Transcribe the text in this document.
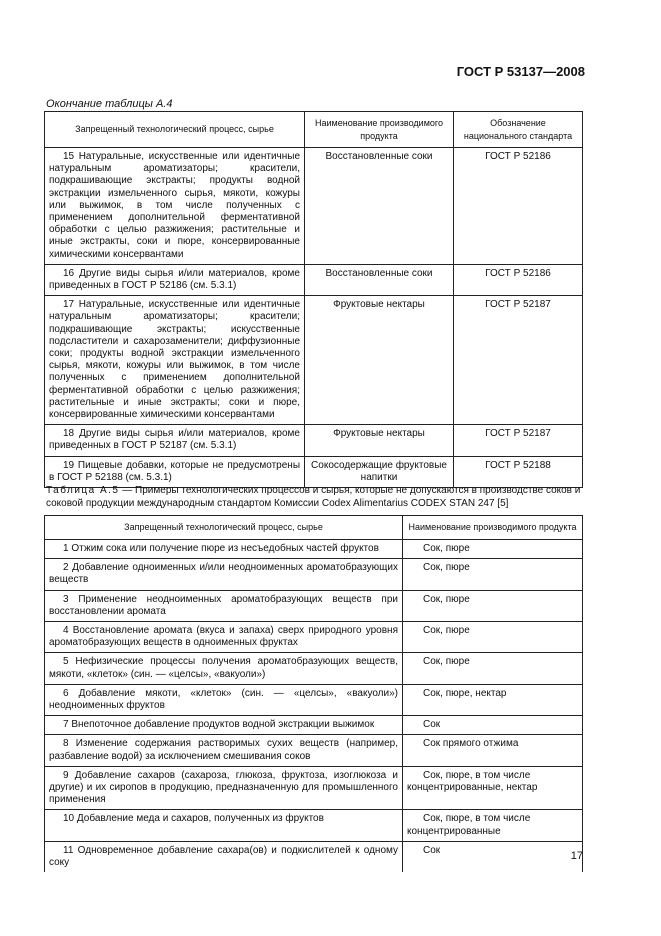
ГОСТ Р 53137—2008
Окончание таблицы А.4
Запрещенный технологический процесс, сырье	Наименование производимого продукта	Обозначение национального стандарта
15 Натуральные, искусственные или идентичные натуральным ароматизаторы; красители, подкрашивающие экстракты; продукты водной экстракции измельченного сырья, мякоти, кожуры или выжимок, в том числе полученных с применением дополнительной ферментативной обработки с целью разжижения; растительные и иные экстракты, соки и пюре, консервированные химическими консервантами	Восстановленные соки	ГОСТ Р 52186
16 Другие виды сырья и/или материалов, кроме приведенных в ГОСТ Р 52186 (см. 5.3.1)	Восстановленные соки	ГОСТ Р 52186
17 Натуральные, искусственные или идентичные натуральным ароматизаторы; красители; подкрашивающие экстракты; искусственные подсластители и сахарозаменители; диффузионные соки; продукты водной экстракции измельченного сырья, мякоти, кожуры или выжимок, в том числе полученных с применением дополнительной ферментативной обработки с целью разжижения; растительные и иные экстракты; соки и пюре, консервированные химическими консервантами	Фруктовые нектары	ГОСТ Р 52187
18 Другие виды сырья и/или материалов, кроме приведенных в ГОСТ Р 52187 (см. 5.3.1)	Фруктовые нектары	ГОСТ Р 52187
19 Пищевые добавки, которые не предусмотрены в ГОСТ Р 52188 (см. 5.3.1)	Сокосодержащие фруктовые напитки	ГОСТ Р 52188
Таблица А.5 — Примеры технологических процессов и сырья, которые не допускаются в производстве соков и соковой продукции международным стандартом Комиссии Codex Alimentarius CODEX STAN 247 [5]
Запрещенный технологический процесс, сырье	Наименование производимого продукта
1 Отжим сока или получение пюре из несъедобных частей фруктов	Сок, пюре
2 Добавление одноименных и/или неодноименных ароматобразующих веществ	Сок, пюре
3 Применение неодноименных ароматобразующих веществ при восстановлении аромата	Сок, пюре
4 Восстановление аромата (вкуса и запаха) сверх природного уровня ароматобразующих веществ в одноименных фруктах	Сок, пюре
5 Нефизические процессы получения ароматобразующих веществ, мякоти, «клеток» (син. — «целсы», «вакуоли»)	Сок, пюре
6 Добавление мякоти, «клеток» (син. — «целсы», «вакуоли») неодноименных фруктов	Сок, пюре, нектар
7 Внепоточное добавление продуктов водной экстракции выжимок	Сок
8 Изменение содержания растворимых сухих веществ (например, разбавление водой) за исключением смешивания соков	Сок прямого отжима
9 Добавление сахаров (сахароза, глюкоза, фруктоза, изоглюкоза и другие) и их сиропов в продукцию, предназначенную для промышленного применения	Сок, пюре, в том числе концентрированные, нектар
10 Добавление меда и сахаров, полученных из фруктов	Сок, пюре, в том числе концентрированные
11 Одновременное добавление сахара(ов) и подкислителей к одному соку	Сок	17
